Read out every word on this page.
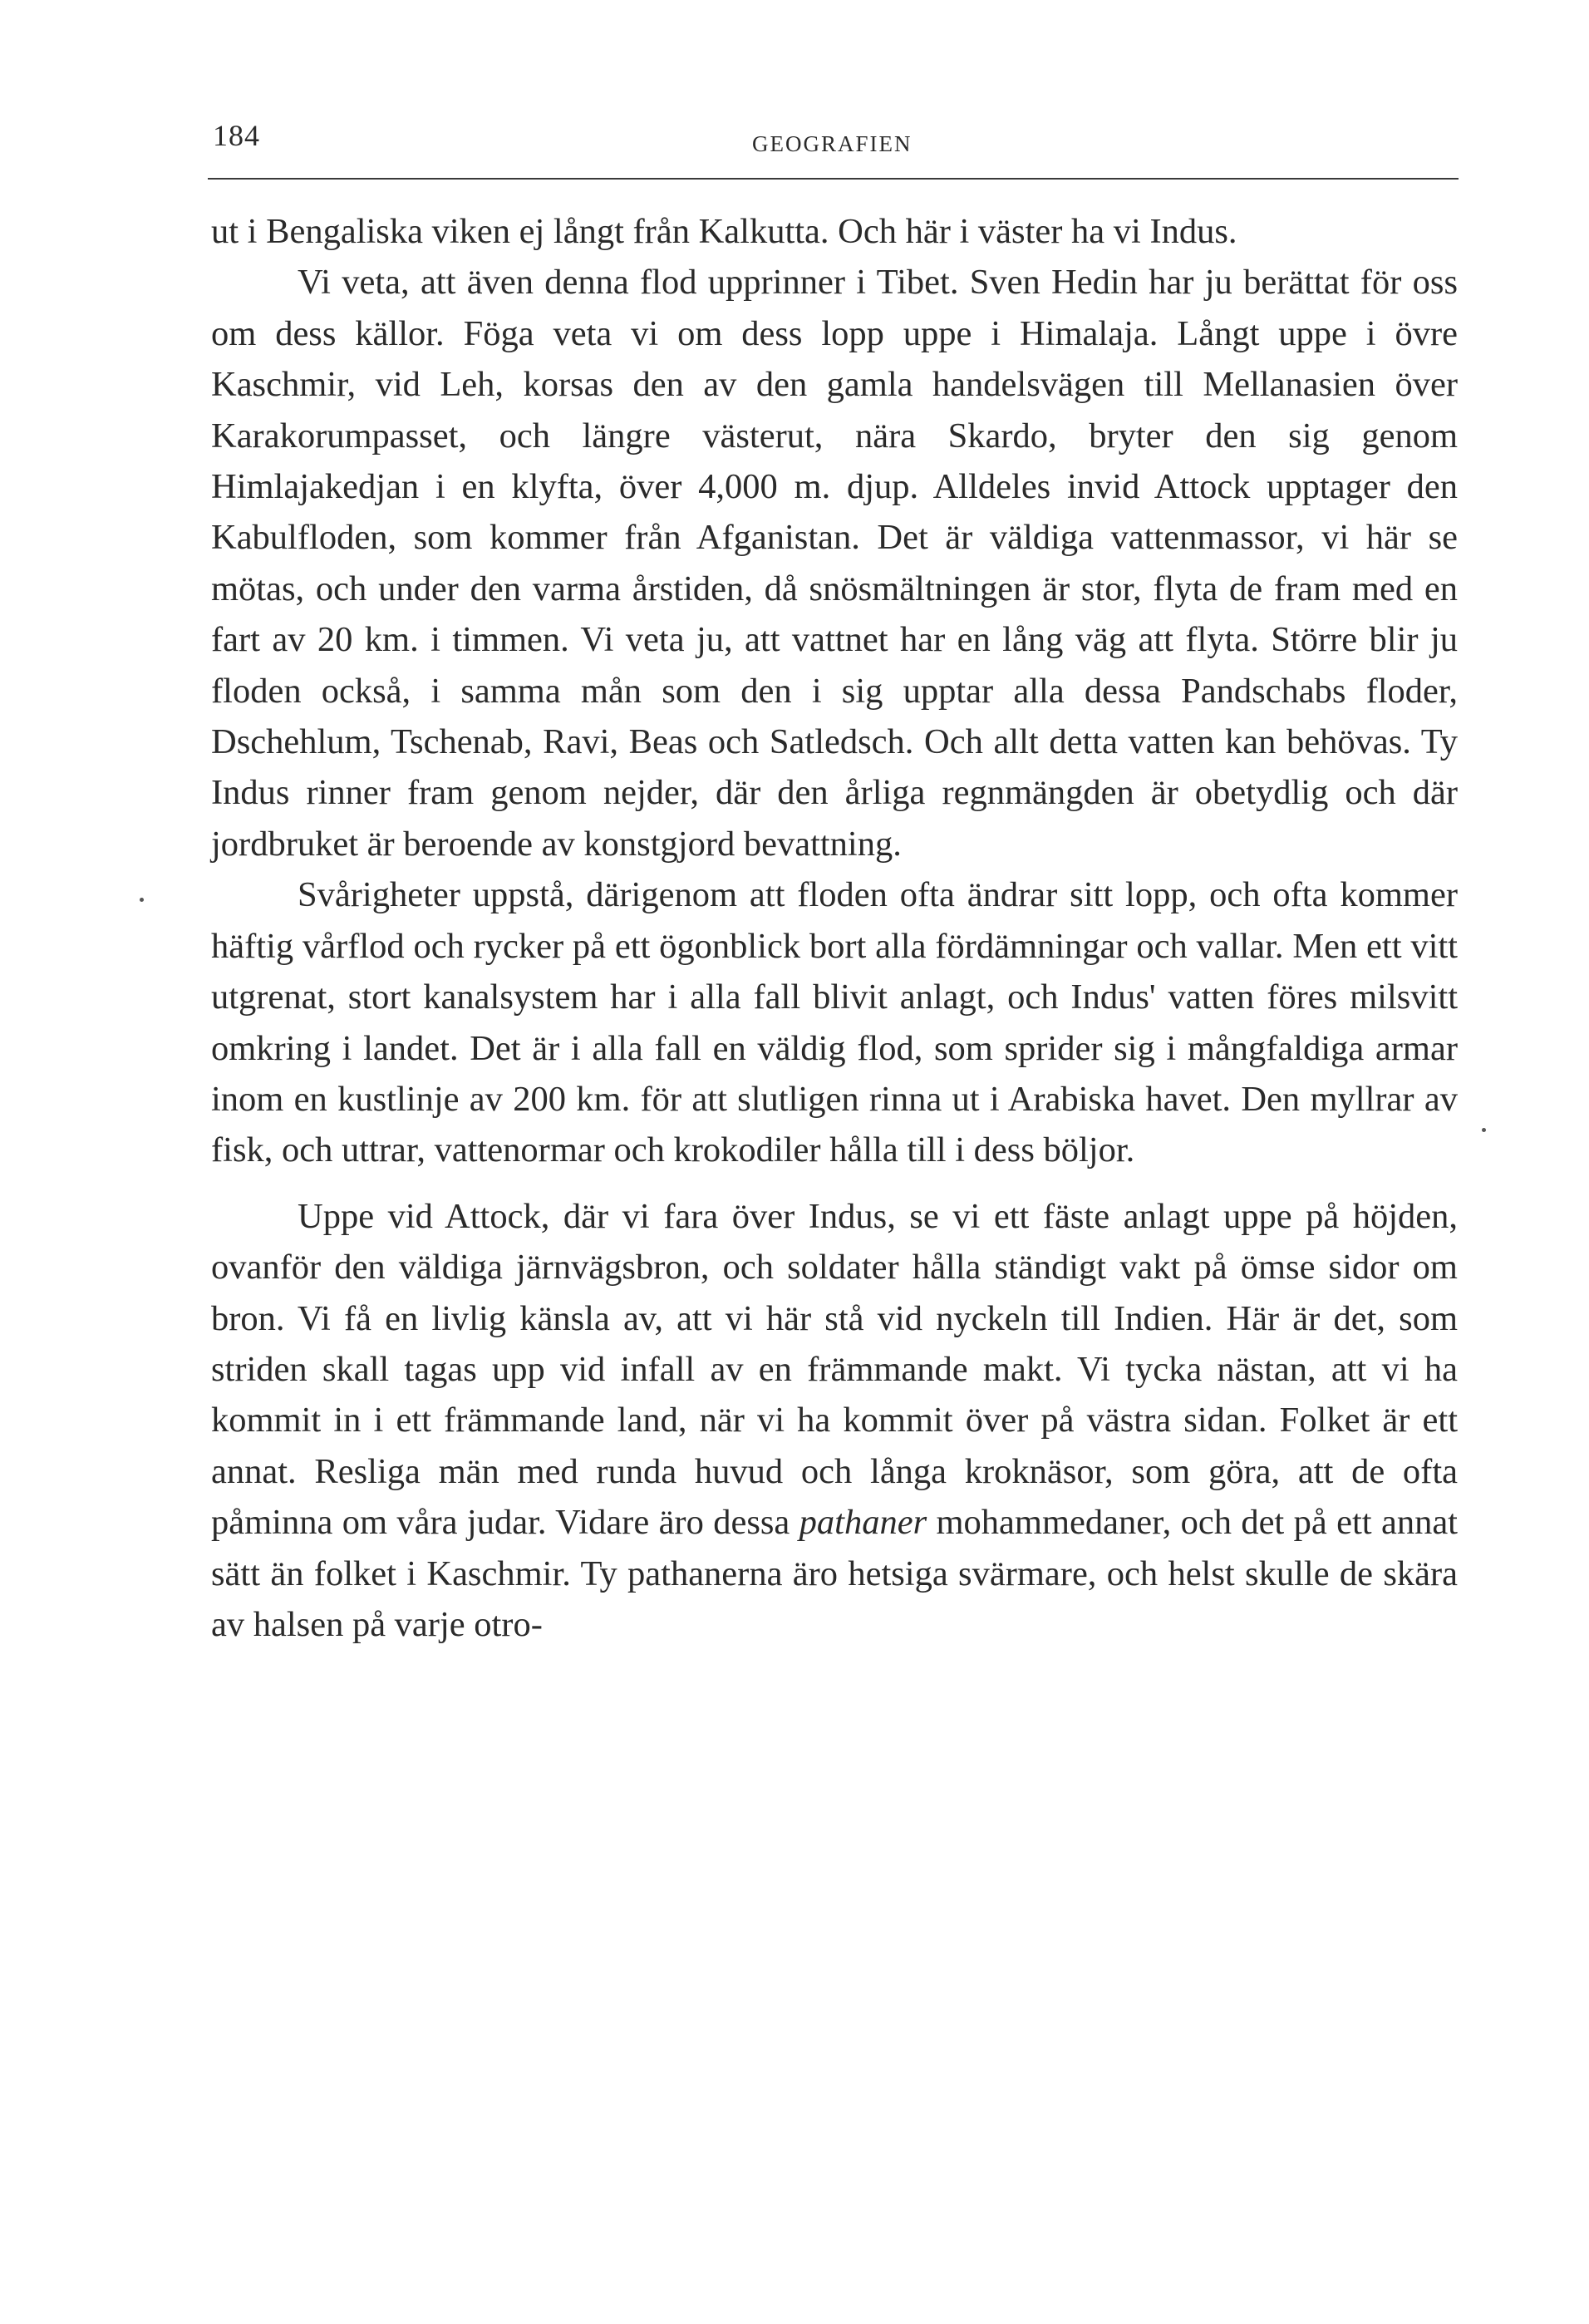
184	GEOGRAFIEN

ut i Bengaliska viken ej långt från Kalkutta. Och här i väster ha vi Indus.

Vi veta, att även denna flod upprinner i Tibet. Sven Hedin har ju berättat för oss om dess källor. Föga veta vi om dess lopp uppe i Himalaja. Långt uppe i övre Kaschmir, vid Leh, korsas den av den gamla handelsvägen till Mellanasien över Karakorumpasset, och längre västerut, nära Skardo, bryter den sig genom Himlajakedjan i en klyfta, över 4,000 m. djup. Alldeles invid Attock upptager den Kabulfloden, som kommer från Afganistan. Det är väldiga vattenmassor, vi här se mötas, och under den varma årstiden, då snösmältningen är stor, flyta de fram med en fart av 20 km. i timmen. Vi veta ju, att vattnet har en lång väg att flyta. Större blir ju floden också, i samma mån som den i sig upptar alla dessa Pandschabs floder, Dschehlum, Tschenab, Ravi, Beas och Satledsch. Och allt detta vatten kan behövas. Ty Indus rinner fram genom nejder, där den årliga regnmängden är obetydlig och där jordbruket är beroende av konstgjord bevattning.

Svårigheter uppstå, därigenom att floden ofta ändrar sitt lopp, och ofta kommer häftig vårflod och rycker på ett ögonblick bort alla fördämningar och vallar. Men ett vitt utgrenat, stort kanalsystem har i alla fall blivit anlagt, och Indus' vatten föres milsvitt omkring i landet. Det är i alla fall en väldig flod, som sprider sig i mångfaldiga armar inom en kustlinje av 200 km. för att slutligen rinna ut i Arabiska havet. Den myllrar av fisk, och uttrar, vattenormar och krokodiler hålla till i dess böljor.

Uppe vid Attock, där vi fara över Indus, se vi ett fäste anlagt uppe på höjden, ovanför den väldiga järnvägsbron, och soldater hålla ständigt vakt på ömse sidor om bron. Vi få en livlig känsla av, att vi här stå vid nyckeln till Indien. Här är det, som striden skall tagas upp vid infall av en främmande makt. Vi tycka nästan, att vi ha kommit in i ett främmande land, när vi ha kommit över på västra sidan. Folket är ett annat. Resliga män med runda huvud och långa kroknäsor, som göra, att de ofta påminna om våra judar. Vidare äro dessa pathaner mohammedaner, och det på ett annat sätt än folket i Kaschmir. Ty pathanerna äro hetsiga svärmare, och helst skulle de skära av halsen på varje otro-
